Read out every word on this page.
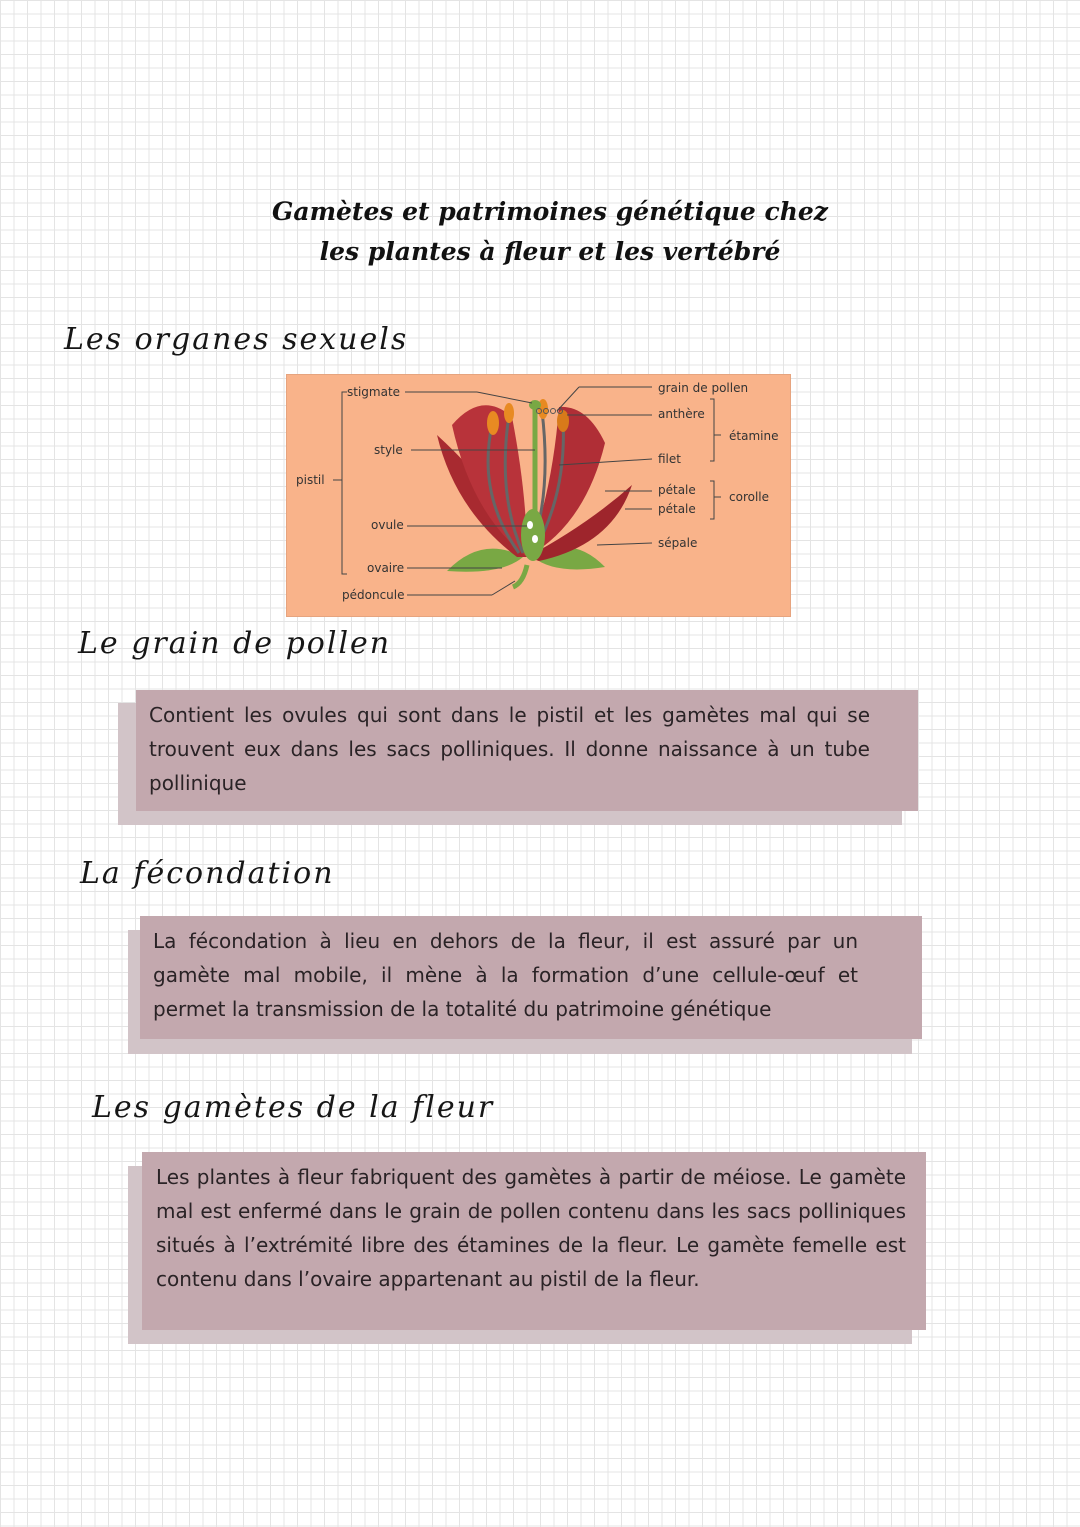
Gamètes et patrimoines génétique chez
les plantes à fleur et les vertébré
Les organes sexuels
stigmate
style
pistil
ovule
ovaire
pédoncule
grain de pollen
anthère
étamine
filet
pétale
pétale
corolle
sépale
Le grain de pollen

Contient les ovules qui sont dans le pistil et les gamètes mal qui se trouvent eux dans les sacs polliniques. Il donne naissance à un tube pollinique

La fécondation

La fécondation à lieu en dehors de la fleur, il est assuré par un gamète mal mobile, il mène à la formation d’une cellule-œuf et permet la transmission de la totalité du patrimoine génétique

Les gamètes de la fleur

Les plantes à fleur fabriquent des gamètes à partir de méiose. Le gamète mal est enfermé dans le grain de pollen contenu dans les sacs polliniques situés à l’extrémité libre des étamines de la fleur. Le gamète femelle est contenu dans l’ovaire appartenant au pistil de la fleur.
